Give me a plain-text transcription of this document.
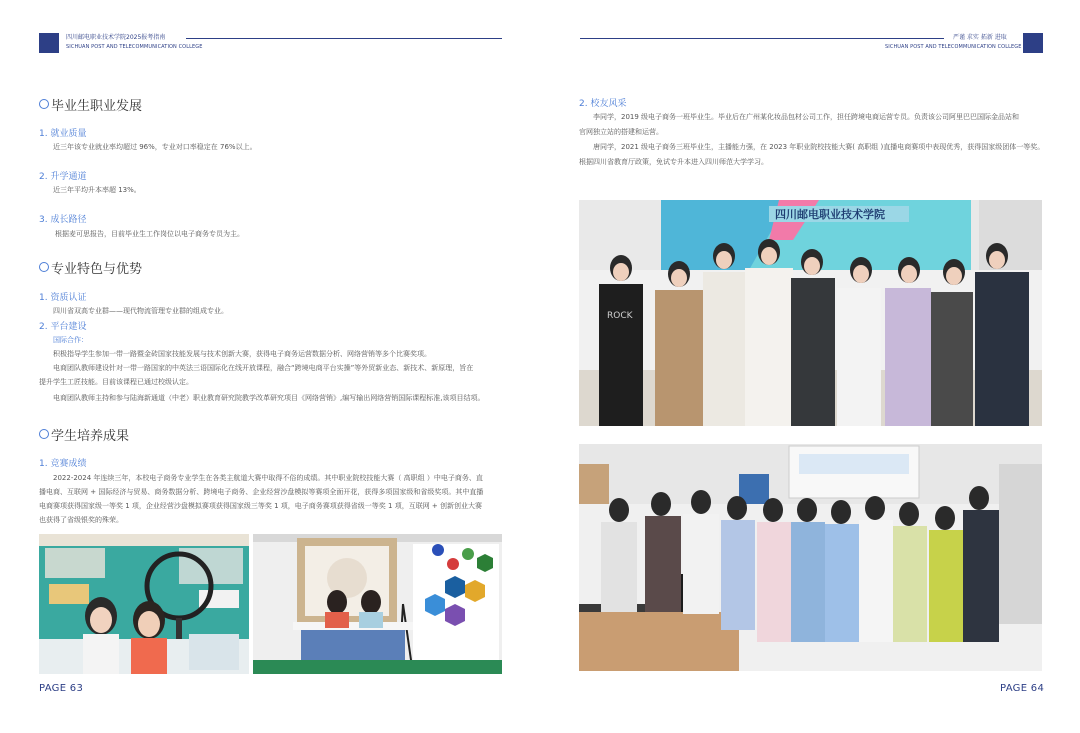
四川邮电职业技术学院2025报考指南
SICHUAN POST AND TELECOMMUNICATION COLLEGE
毕业生职业发展
1. 就业质量
近三年该专业就业率均超过 96%，专业对口率稳定在 76%以上。
2. 升学通道
近三年平均升本率超 13%。
3. 成长路径
根据麦可思报告，目前毕业生工作岗位以电子商务专员为主。
专业特色与优势
1. 资质认证
四川省双高专业群——现代物流管理专业群的组成专业。
2. 平台建设
国际合作：
积极指导学生参加一带一路暨金砖国家技能发展与技术创新大赛，获得电子商务运营数据分析、网络营销等多个比赛奖项。
电商团队教师建设针对一带一路国家的中英法三语国际化在线开放课程，融合“跨境电商平台实操”等外贸新业态、新技术、新原理，旨在
提升学生工匠技能。目前该课程已通过校级认定。
电商团队教师主持和参与陆海新通道（中老）职业教育研究院教学改革研究项目《网络营销》,编写输出网络营销国际课程标准,该项目结项。
学生培养成果
1. 竞赛成绩
2022-2024 年连续三年，本校电子商务专业学生在各类主航道大赛中取得不俗的成绩。其中职业院校技能大赛（ 高职组 ）中电子商务、直
播电商、互联网 + 国际经济与贸易、商务数据分析、跨境电子商务、企业经营沙盘模拟等赛项全面开花，获得多项国家级和省级奖项。其中直播
电商赛项获得国家级一等奖 1 项，企业经营沙盘模拟赛项获得国家级三等奖 1 项，电子商务赛项获得省级一等奖 1 项，互联网 + 创新创业大赛
也获得了省级银奖的殊荣。
PAGE 63
严谨 求实 拓新 进取
SICHUAN POST AND TELECOMMUNICATION COLLEGE
2. 校友风采
李同学，2019 级电子商务一班毕业生。毕业后在广州某化妆品包材公司工作，担任跨境电商运营专员。负责该公司阿里巴巴国际金品站和
官网独立站的搭建和运营。
唐同学，2021 级电子商务三班毕业生，主播能力强，在 2023 年职业院校技能大赛( 高职组 )直播电商赛项中表现优秀，获得国家级团体一等奖。
根据四川省教育厅政策，免试专升本进入四川师范大学学习。
四川邮电职业技术学院
ROCK
PAGE 64
